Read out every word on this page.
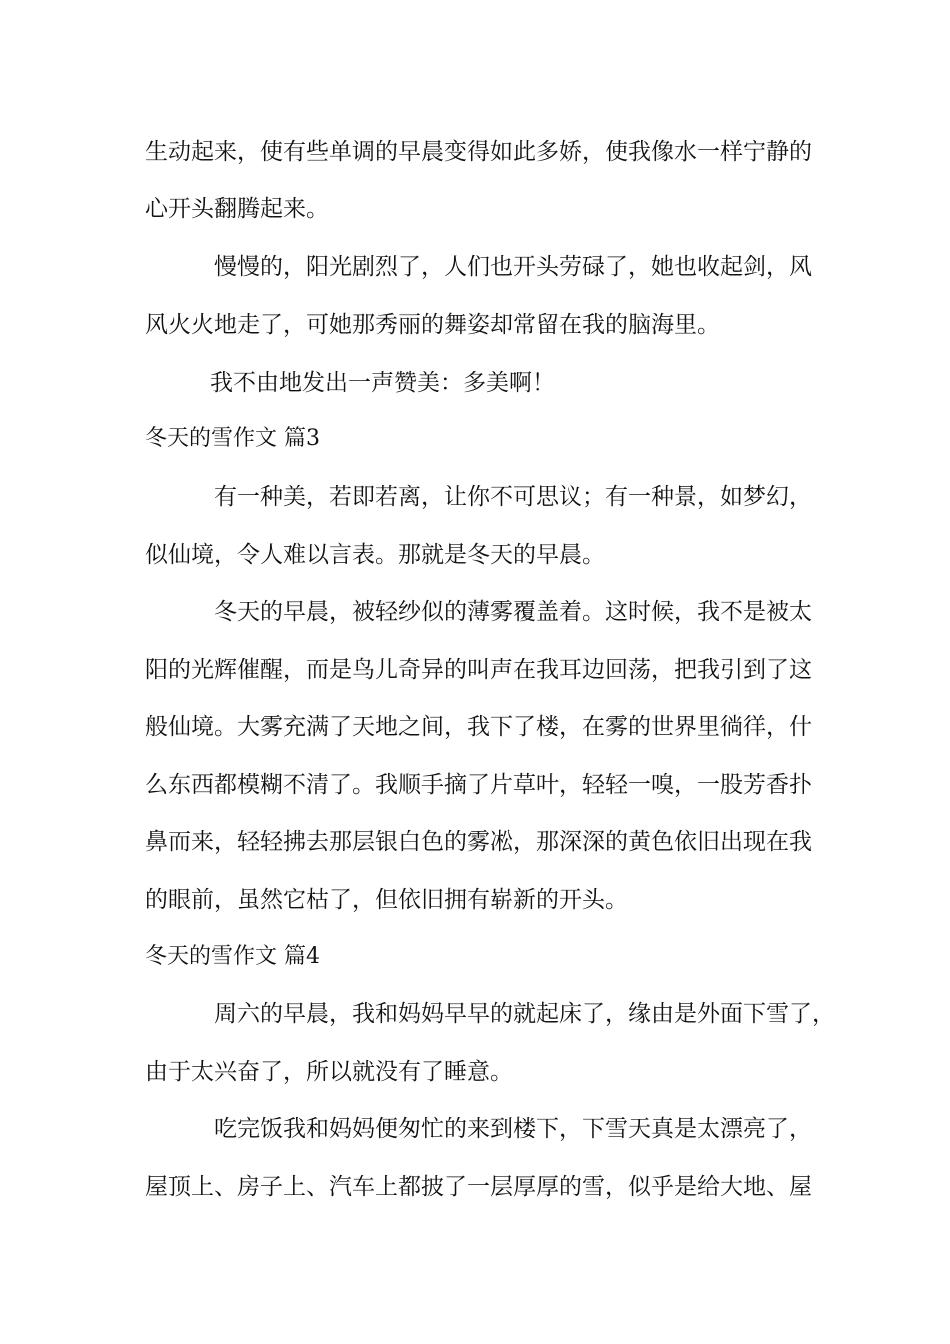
生动起来，使有些单调的早晨变得如此多娇，使我像水一样宁静的
心开头翻腾起来。
慢慢的，阳光剧烈了，人们也开头劳碌了，她也收起剑，风
风火火地走了，可她那秀丽的舞姿却常留在我的脑海里。
我不由地发出一声赞美：多美啊！
冬天的雪作文 篇3
有一种美，若即若离，让你不可思议；有一种景，如梦幻，
似仙境，令人难以言表。那就是冬天的早晨。
冬天的早晨，被轻纱似的薄雾覆盖着。这时候，我不是被太
阳的光辉催醒，而是鸟儿奇异的叫声在我耳边回荡，把我引到了这
般仙境。大雾充满了天地之间，我下了楼，在雾的世界里徜徉，什
么东西都模糊不清了。我顺手摘了片草叶，轻轻一嗅，一股芳香扑
鼻而来，轻轻拂去那层银白色的雾凇，那深深的黄色依旧出现在我
的眼前，虽然它枯了，但依旧拥有崭新的开头。
冬天的雪作文 篇4
周六的早晨，我和妈妈早早的就起床了，缘由是外面下雪了，
由于太兴奋了，所以就没有了睡意。
吃完饭我和妈妈便匆忙的来到楼下，下雪天真是太漂亮了，
屋顶上、房子上、汽车上都披了一层厚厚的雪，似乎是给大地、屋
